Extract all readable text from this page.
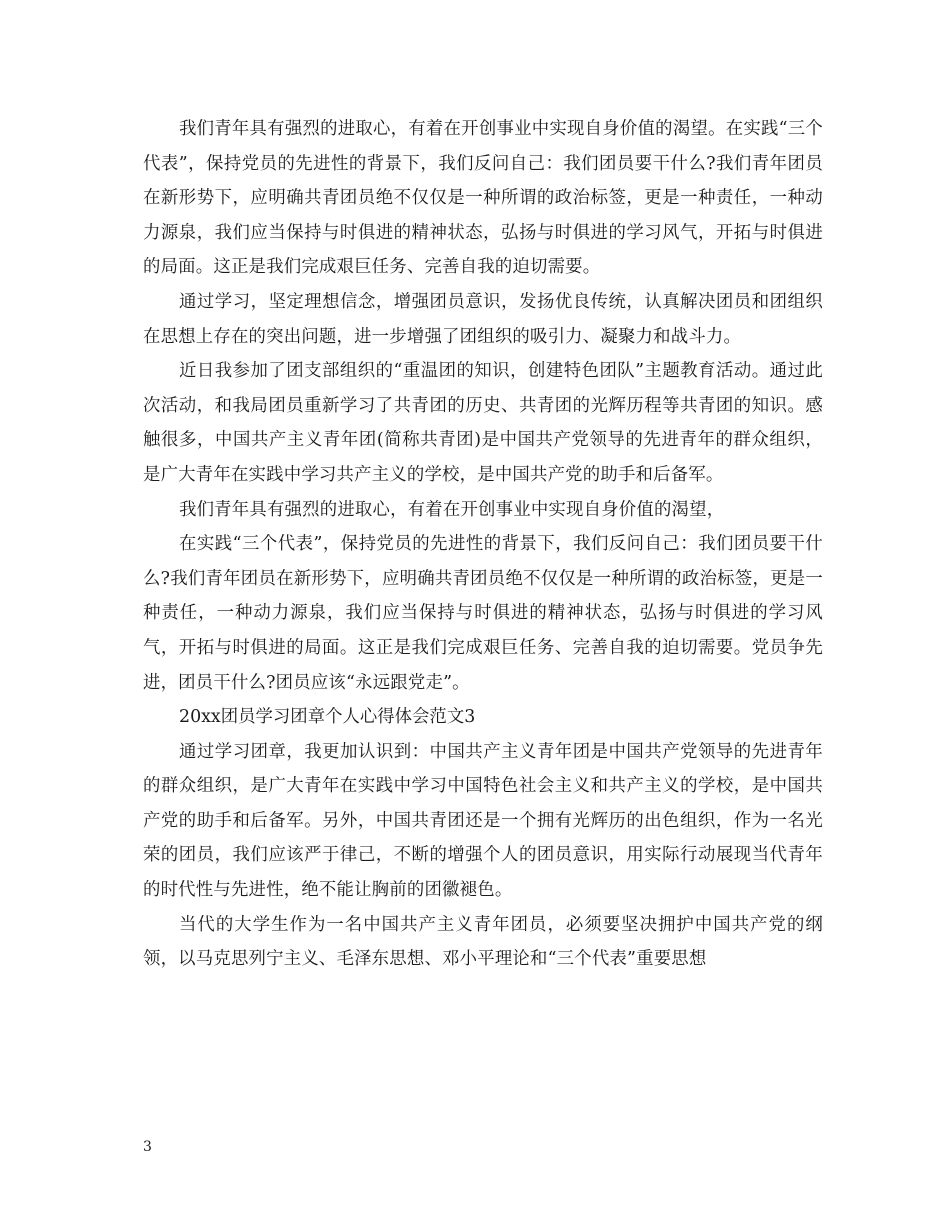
我们青年具有强烈的进取心，有着在开创事业中实现自身价值的渴望。在实践“三个代表”，保持党员的先进性的背景下，我们反问自己：我们团员要干什么?我们青年团员在新形势下，应明确共青团员绝不仅仅是一种所谓的政治标签，更是一种责任，一种动力源泉，我们应当保持与时俱进的精神状态，弘扬与时俱进的学习风气，开拓与时俱进的局面。这正是我们完成艰巨任务、完善自我的迫切需要。

通过学习，坚定理想信念，增强团员意识，发扬优良传统，认真解决团员和团组织在思想上存在的突出问题，进一步增强了团组织的吸引力、凝聚力和战斗力。

近日我参加了团支部组织的“重温团的知识，创建特色团队”主题教育活动。通过此次活动，和我局团员重新学习了共青团的历史、共青团的光辉历程等共青团的知识。感触很多，中国共产主义青年团(简称共青团)是中国共产党领导的先进青年的群众组织，是广大青年在实践中学习共产主义的学校，是中国共产党的助手和后备军。

我们青年具有强烈的进取心，有着在开创事业中实现自身价值的渴望，

在实践“三个代表”，保持党员的先进性的背景下，我们反问自己：我们团员要干什么?我们青年团员在新形势下，应明确共青团员绝不仅仅是一种所谓的政治标签，更是一种责任，一种动力源泉，我们应当保持与时俱进的精神状态，弘扬与时俱进的学习风气，开拓与时俱进的局面。这正是我们完成艰巨任务、完善自我的迫切需要。党员争先进，团员干什么?团员应该“永远跟党走”。

20xx团员学习团章个人心得体会范文3

通过学习团章，我更加认识到：中国共产主义青年团是中国共产党领导的先进青年的群众组织，是广大青年在实践中学习中国特色社会主义和共产主义的学校，是中国共产党的助手和后备军。另外，中国共青团还是一个拥有光辉历的出色组织，作为一名光荣的团员，我们应该严于律己，不断的增强个人的团员意识，用实际行动展现当代青年的时代性与先进性，绝不能让胸前的团徽褪色。

当代的大学生作为一名中国共产主义青年团员，必须要坚决拥护中国共产党的纲领，以马克思列宁主义、毛泽东思想、邓小平理论和“三个代表”重要思想

3
